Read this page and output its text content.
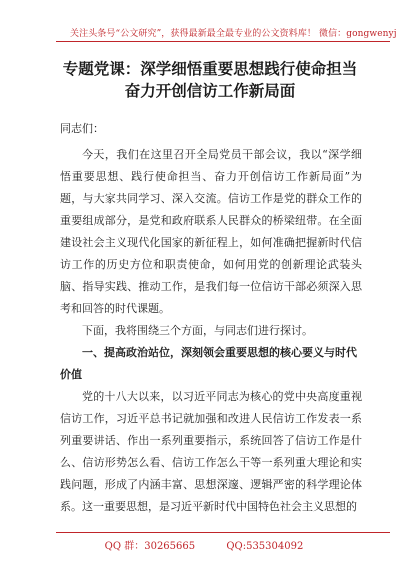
关注头条号“公文研究”，获得最新最全最专业的公文资料库！ 微信：gongwenyj
专题党课：深学细悟重要思想践行使命担当奋力开创信访工作新局面

同志们：

今天，我们在这里召开全局党员干部会议，我以“深学细悟重要思想、践行使命担当、奋力开创信访工作新局面”为题，与大家共同学习、深入交流。信访工作是党的群众工作的重要组成部分，是党和政府联系人民群众的桥梁纽带。在全面建设社会主义现代化国家的新征程上，如何准确把握新时代信访工作的历史方位和职责使命，如何用党的创新理论武装头脑、指导实践、推动工作，是我们每一位信访干部必须深入思考和回答的时代课题。

下面，我将围绕三个方面，与同志们进行探讨。

一、提高政治站位，深刻领会重要思想的核心要义与时代价值

党的十八大以来，以习近平同志为核心的党中央高度重视信访工作，习近平总书记就加强和改进人民信访工作发表一系列重要讲话、作出一系列重要指示，系统回答了信访工作是什么、信访形势怎么看、信访工作怎么干等一系列重大理论和实践问题，形成了内涵丰富、思想深邃、逻辑严密的科学理论体系。这一重要思想，是习近平新时代中国特色社会主义思想的

QQ 群：30265665	QQ:535304092
